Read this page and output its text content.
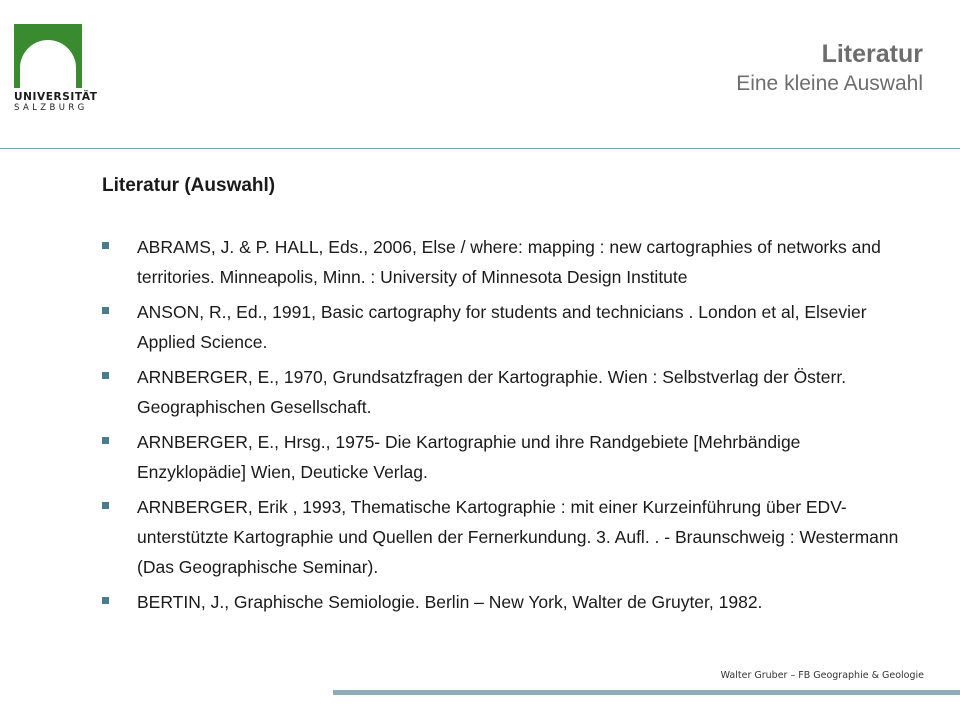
UNIVERSITÄT
SALZBURG
Literatur
Eine kleine Auswahl
Literatur (Auswahl)
ABRAMS, J. & P. HALL, Eds., 2006, Else / where: mapping : new cartographies of networks and territories. Minneapolis, Minn. : University of Minnesota Design Institute
ANSON, R., Ed., 1991, Basic cartography for students and technicians . London et al, Elsevier Applied Science.
ARNBERGER, E., 1970, Grundsatzfragen der Kartographie. Wien : Selbstverlag der Österr. Geographischen Gesellschaft.
ARNBERGER, E., Hrsg., 1975- Die Kartographie und ihre Randgebiete [Mehrbändige Enzyklopädie] Wien, Deuticke Verlag.
ARNBERGER, Erik , 1993, Thematische Kartographie : mit einer Kurzeinführung über EDV-unterstützte Kartographie und Quellen der Fernerkundung. 3. Aufl. . - Braunschweig : Westermann (Das Geographische Seminar).
BERTIN, J., Graphische Semiologie. Berlin – New York, Walter de Gruyter, 1982.
Walter Gruber – FB Geographie & Geologie
